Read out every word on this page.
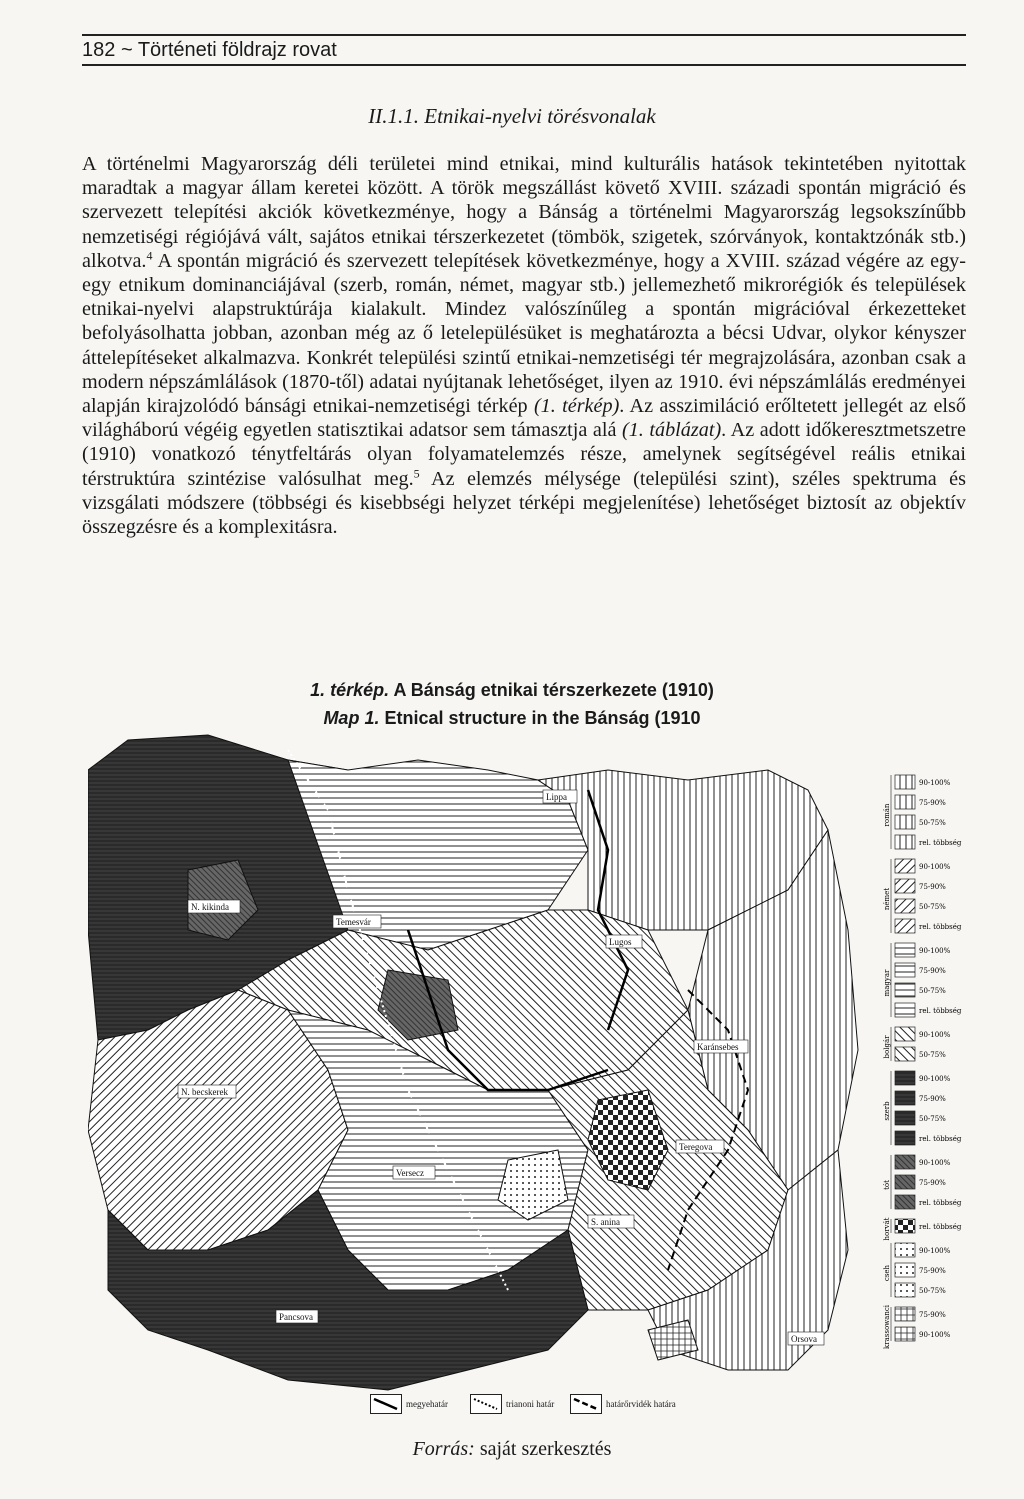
182 ~ Történeti földrajz rovat
II.1.1. Etnikai-nyelvi törésvonalak

A történelmi Magyarország déli területei mind etnikai, mind kulturális hatások tekintetében nyitottak maradtak a magyar állam keretei között. A török megszállást követő XVIII. századi spontán migráció és szervezett telepítési akciók következménye, hogy a Bánság a történelmi Magyarország legsokszínűbb nemzetiségi régiójává vált, sajátos etnikai térszerkezetet (tömbök, szigetek, szórványok, kontaktzónák stb.) alkotva.$^4$ A spontán migráció és szervezett telepítések következménye, hogy a XVIII. század végére az egy-egy etnikum dominanciájával (szerb, román, német, magyar stb.) jellemezhető mikrorégiók és települések etnikai-nyelvi alapstruktúrája kialakult. Mindez valószínűleg a spontán migrációval érkezetteket befolyásolhatta jobban, azonban még az ő letelepülésüket is meghatározta a bécsi Udvar, olykor kényszer áttelepítéseket alkalmazva. Konkrét települési szintű etnikai-nemzetiségi tér megrajzolására, azonban csak a modern népszámlálások (1870-től) adatai nyújtanak lehetőséget, ilyen az 1910. évi népszámlálás eredményei alapján kirajzolódó bánsági etnikai-nemzetiségi térkép (1. térkép). Az asszimiláció erőltetett jellegét az első világháború végéig egyetlen statisztikai adatsor sem támasztja alá (1. táblázat). Az adott időkeresztmetszetre (1910) vonatkozó ténytfeltárás olyan folyamatelemzés része, amelynek segítségével reális etnikai térstruktúra szintézise valósulhat meg.$^5$ Az elemzés mélysége (települési szint), széles spektruma és vizsgálati módszere (többségi és kisebbségi helyzet térképi megjelenítése) lehetőséget biztosít az objektív összegzésre és a komplexitásra.

1. térkép. A Bánság etnikai térszerkezete (1910)
Map 1. Etnical structure in the Bánság (1910
Lippa
N. kikinda
Temesvár
Lugos
Karánsebes
N. becskerek
Teregova
Versecz
S. anina
Pancsova
Orsova
90-100%
75-90%
50-75%
rel. többség
román
90-100%
75-90%
50-75%
rel. többség
német
90-100%
75-90%
50-75%
rel. többség
magyar
90-100%
50-75%
bolgár
90-100%
75-90%
50-75%
rel. többség
szerb
90-100%
75-90%
rel. többség
tót
rel. többség
horvát
90-100%
75-90%
50-75%
cseh
75-90%
90-100%
krassowanci
megyehatár	trianoni határ	határőrvidék határa
Forrás: saját szerkesztés
